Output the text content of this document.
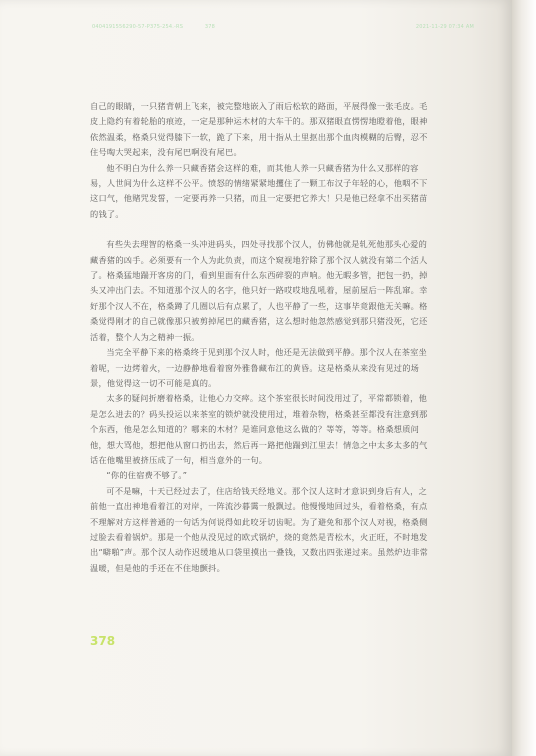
0404191556290-57-P375-254.-RS	378	2021-11-29 07:34 AM

自己的眼睛，一只猪背朝上飞来，被完整地嵌入了雨后松软的路面，平展得像一张毛皮。毛皮上隐约有着轮胎的痕迹，一定是那种运木材的大车干的。那双猪眼直愣愣地瞪着他，眼神依然温柔，格桑只觉得膝下一软，跪了下来，用十指从土里抠出那个血肉模糊的后臀，忍不住号啕大哭起来，没有尾巴啊没有尾巴。

他不明白为什么养一只藏香猪会这样的难，而其他人养一只藏香猪为什么又那样的容易，人世间为什么这样不公平。愤怒的情绪紧紧地攫住了一颗工布汉子年轻的心，他咽不下这口气，他赌咒发誓，一定要再养一只猪，而且一定要把它养大！只是他已经拿不出买猪苗的钱了。

有些失去理智的格桑一头冲进码头，四处寻找那个汉人，仿佛他就是轧死他那头心爱的藏香猪的凶手。必须要有一个人为此负责，而这个窥视地狞除了那个汉人就没有第二个活人了。格桑猛地踹开客房的门，看到里面有什么东西碎裂的声响。他无暇多管，把包一扔，掉头又冲出门去。不知道那个汉人的名字，他只好一路哎哎地乱吼着，屋前屋后一阵乱窜。幸好那个汉人不在，格桑蹲了几圈以后有点累了，人也平静了一些，这事毕竟跟他无关嘛。格桑觉得刚才的自己就像那只被剪掉尾巴的藏香猪，这么想时他忽然感觉到那只猪没死，它还活着，整个人为之精神一振。

当完全平静下来的格桑终于见到那个汉人时，他还是无法做到平静。那个汉人在茶室坐着呢，一边烤着火，一边静静地看着窗外雅鲁藏布江的黄昏。这是格桑从来没有见过的场景，他觉得这一切不可能是真的。

太多的疑问折磨着格桑，让他心力交瘁。这个茶室很长时间没用过了，平常都锁着，他是怎么进去的？码头投运以来茶室的锁炉就没使用过，堆着杂物，格桑甚至都没有注意到那个东西，他是怎么知道的？哪来的木材？是谁同意他这么做的？等等，等等。格桑想质问他，想大骂他，想把他从窗口扔出去，然后再一路把他踹到江里去！情急之中太多太多的气话在他嘴里被挤压成了一句，相当意外的一句。

“你的住宿费不够了。”

可不是嘛，十天已经过去了，住店给钱天经地义。那个汉人这时才意识到身后有人，之前他一直出神地看着江的对岸，一阵流沙暮霭一般飘过。他慢慢地回过头，看着格桑，有点不理解对方这样普通的一句话为何说得如此咬牙切齿呢。为了避免和那个汉人对视，格桑侧过脸去看着锅炉。那是一个他从没见过的欧式锅炉，烧的竟然是青松木，火正旺，不时地发出“噼啪”声。那个汉人动作迟缓地从口袋里摸出一叠钱，又数出四张递过来。虽然炉边非常温暖，但是他的手还在不住地颤抖。

378
